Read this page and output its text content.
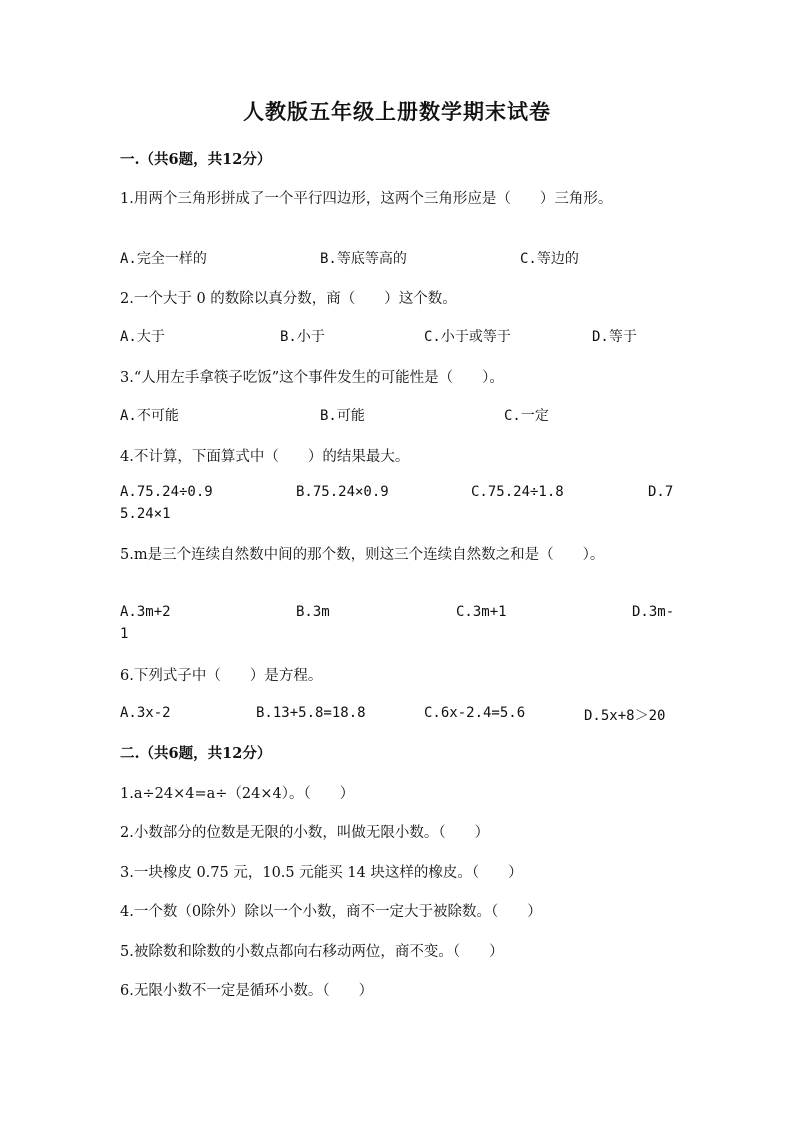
人教版五年级上册数学期末试卷
一.（共6题，共12分）
1.用两个三角形拼成了一个平行四边形，这两个三角形应是（　　）三角形。
A.完全一样的	B.等底等高的	C.等边的
2.一个大于 0 的数除以真分数，商（　　）这个数。
A.大于	B.小于	C.小于或等于	D.等于
3.“人用左手拿筷子吃饭”这个事件发生的可能性是（　　）。
A.不可能	B.可能	C.一定
4.不计算，下面算式中（　　）的结果最大。
A.75.24÷0.9	B.75.24×0.9	C.75.24÷1.8	D.7
5.24×1
5.m是三个连续自然数中间的那个数，则这三个连续自然数之和是（　　）。
A.3m+2	B.3m	C.3m+1	D.3m-
1
6.下列式子中（　　）是方程。
A.3x-2	B.13+5.8=18.8	C.6x-2.4=5.6	D.5x+8＞20
二.（共6题，共12分）
1.a÷24×4=a÷（24×4）。（　　）
2.小数部分的位数是无限的小数，叫做无限小数。（　　）
3.一块橡皮 0.75 元，10.5 元能买 14 块这样的橡皮。（　　）
4.一个数（0除外）除以一个小数，商不一定大于被除数。（　　）
5.被除数和除数的小数点都向右移动两位，商不变。（　　）
6.无限小数不一定是循环小数。（　　）
